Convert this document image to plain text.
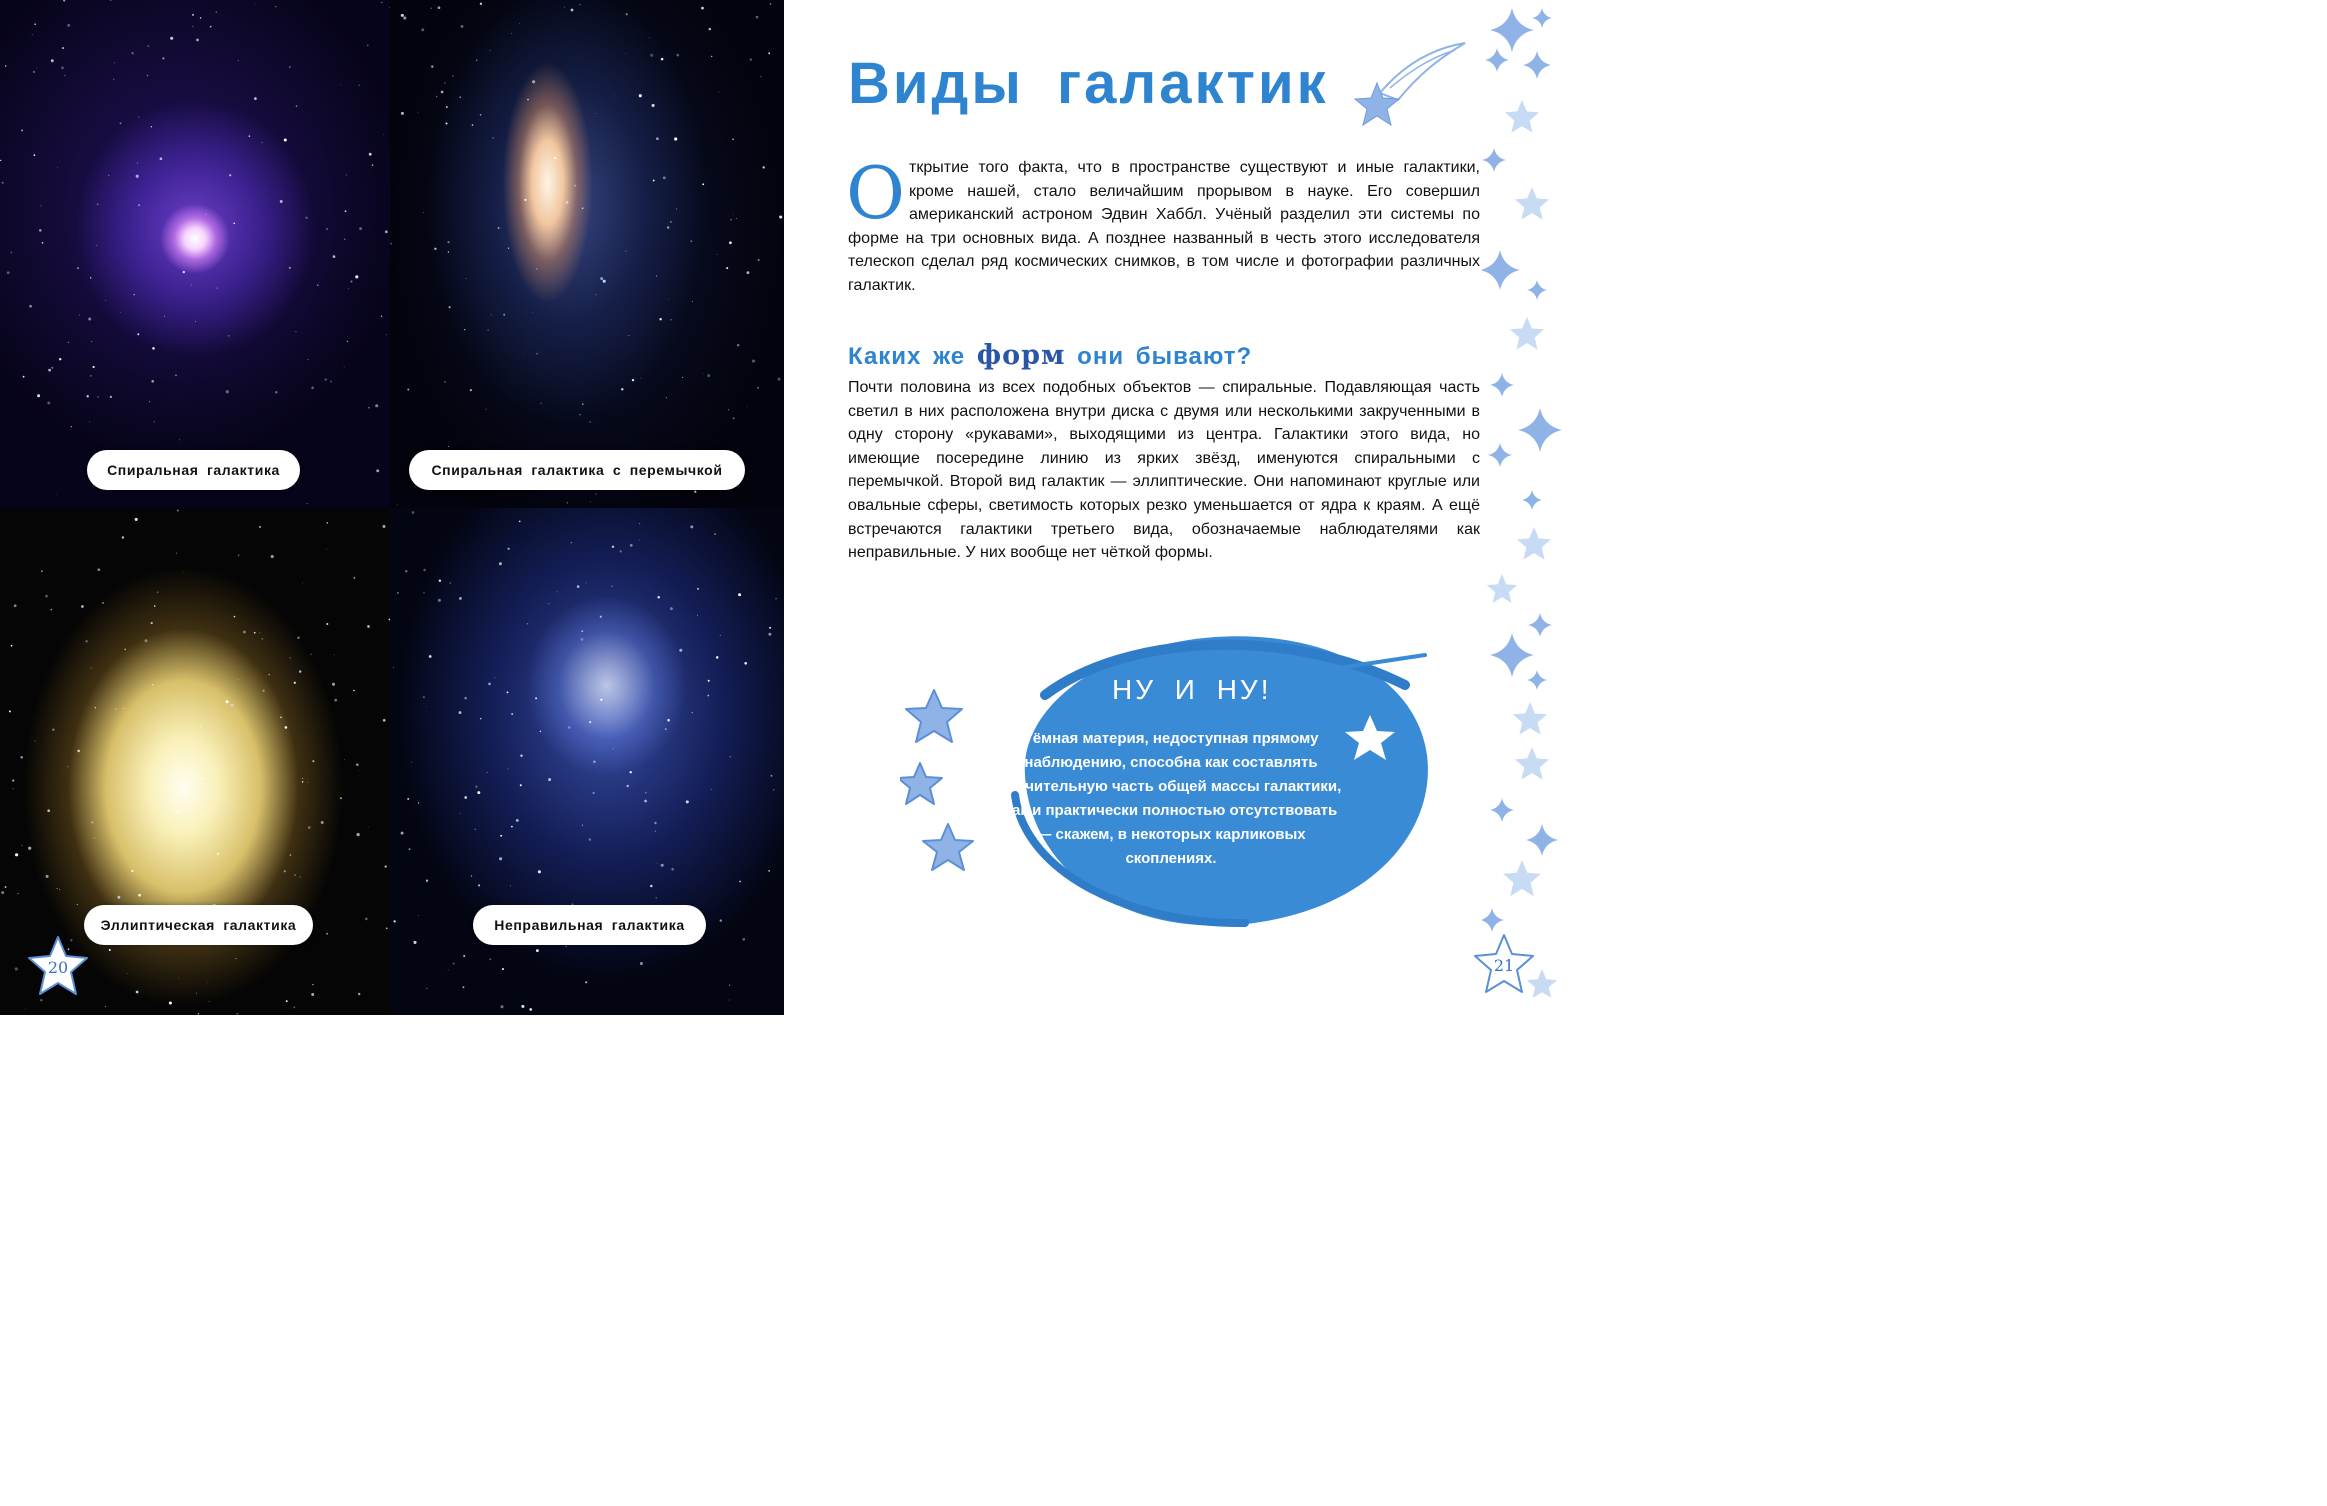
Спиральная галактика	Спиральная галактика с перемычкой
Эллиптическая галактика	Неправильная галактика
20
Виды галактик
О ткрытие того факта, что в пространстве существуют и иные галактики, кроме нашей, стало величайшим прорывом в науке. Его совершил американский астроном Эдвин Хаббл. Учёный разделил эти системы по форме на три основных вида. А позднее названный в честь этого исследователя телескоп сделал ряд космических снимков, в том числе и фотографии различных галактик.
Каких же форм они бывают?
Почти половина из всех подобных объектов — спиральные. Подавляющая часть светил в них расположена внутри диска с двумя или несколькими закрученными в одну сторону «рукавами», выходящими из центра. Галактики этого вида, но имеющие посередине линию из ярких звёзд, именуются спиральными с перемычкой. Второй вид галактик — эллиптические. Они напоминают круглые или овальные сферы, светимость которых резко уменьшается от ядра к краям. А ещё встречаются галактики третьего вида, обозначаемые наблюдателями как неправильные. У них вообще нет чёткой формы.
НУ И НУ!
Тёмная материя, недоступная прямому наблюдению, способна как составлять значительную часть общей массы галактики, так и практически полностью отсутствовать — скажем, в некоторых карликовых скоплениях.
21
